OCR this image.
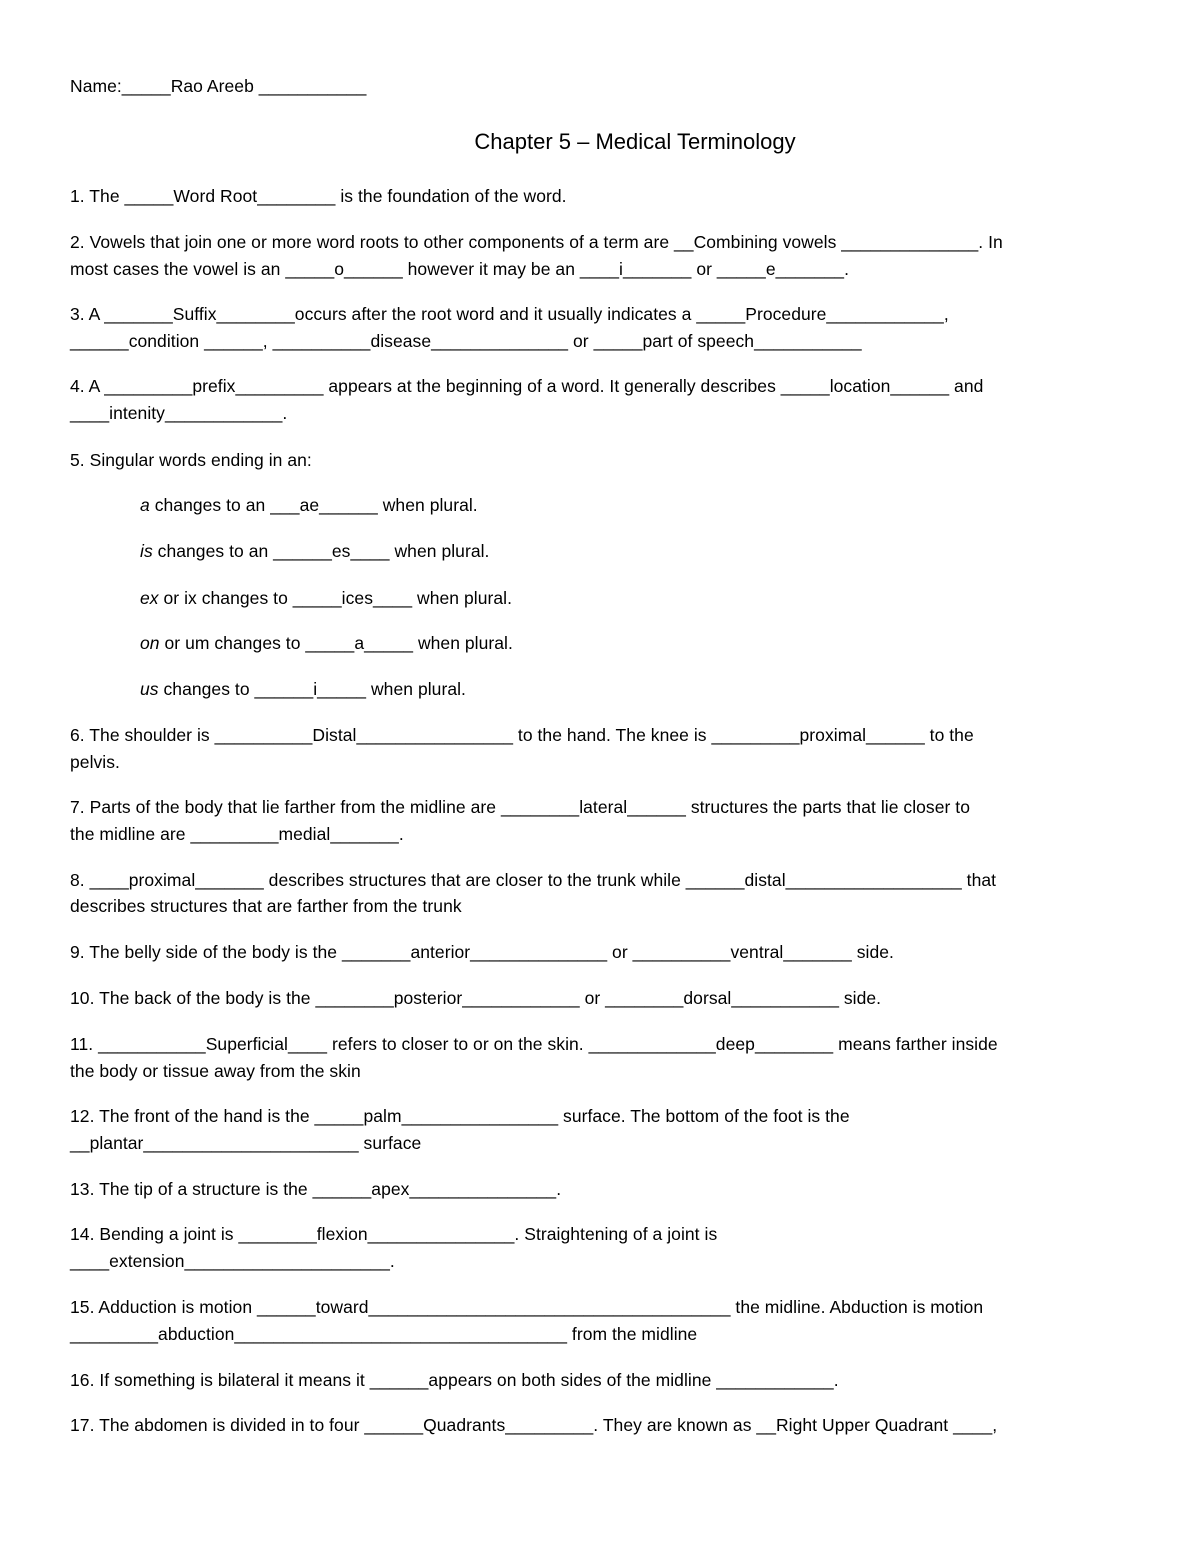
Name:_____Rao Areeb ___________
Chapter 5 – Medical Terminology
1. The _____Word Root________ is the foundation of the word.
2. Vowels that join one or more word roots to other components of a term are __Combining vowels ______________. In
most cases the vowel is an _____o______ however it may be an ____i_______ or _____e_______.
3. A _______Suffix________occurs after the root word and it usually indicates a _____Procedure____________,
______condition ______, __________disease______________ or _____part of speech___________
4. A _________prefix_________ appears at the beginning of a word. It generally describes _____location______ and
____intenity____________.
5. Singular words ending in an:
a changes to an ___ae______ when plural.
is changes to an ______es____ when plural.
ex or ix changes to _____ices____ when plural.
on or um changes to _____a_____ when plural.
us changes to ______i_____ when plural.
6. The shoulder is __________Distal________________ to the hand. The knee is _________proximal______ to the
pelvis.
7. Parts of the body that lie farther from the midline are ________lateral______ structures the parts that lie closer to
the midline are _________medial_______.
8. ____proximal_______ describes structures that are closer to the trunk while ______distal__________________ that
describes structures that are farther from the trunk
9. The belly side of the body is the _______anterior______________ or __________ventral_______ side.
10. The back of the body is the ________posterior____________ or ________dorsal___________ side.
11. ___________Superficial____ refers to closer to or on the skin. _____________deep________ means farther inside
the body or tissue away from the skin
12. The front of the hand is the _____palm________________ surface. The bottom of the foot is the
__plantar______________________ surface
13. The tip of a structure is the ______apex_______________.
14. Bending a joint is ________flexion_______________. Straightening of a joint is
____extension_____________________.
15. Adduction is motion ______toward_____________________________________ the midline. Abduction is motion
_________abduction__________________________________ from the midline
16. If something is bilateral it means it ______appears on both sides of the midline ____________.
17. The abdomen is divided in to four ______Quadrants_________. They are known as __Right Upper Quadrant ____,
